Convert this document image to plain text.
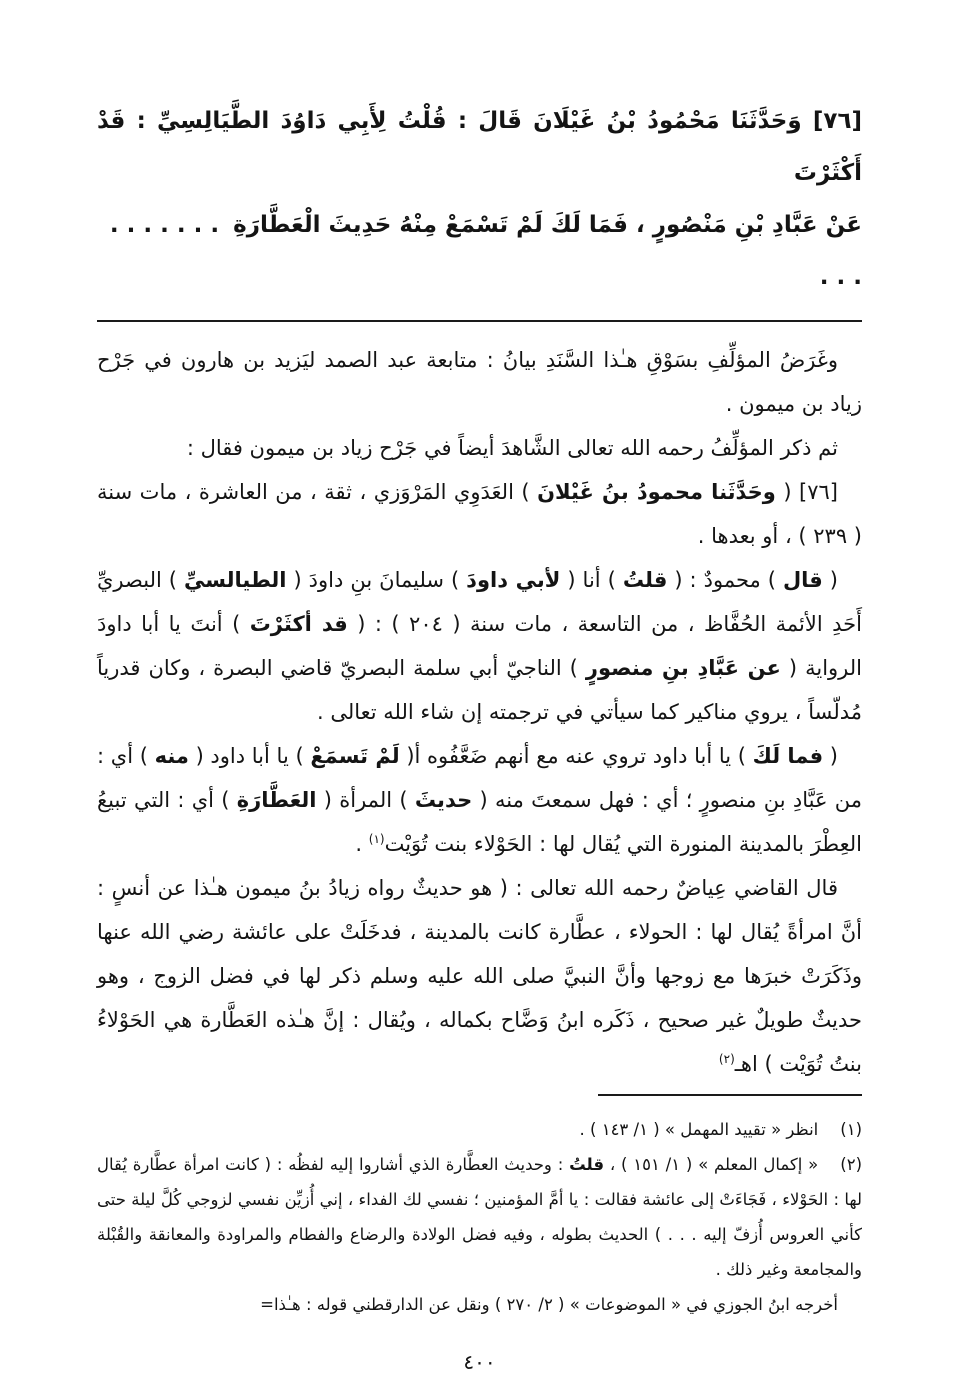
[٧٦] وَحَدَّثَنَا مَحْمُودُ بْنُ غَيْلَانَ قَالَ : قُلْتُ لِأَبِي دَاوُدَ الطَّيَالِسِيِّ : قَدْ أَكْثَرْتَ
عَنْ عَبَّادِ بْنِ مَنْصُورٍ ، فَمَا لَكَ لَمْ تَسْمَعْ مِنْهُ حَدِيثَ الْعَطَّارَةِ. . . . . . . . . .

وغَرَضُ المؤلِّفِ بسَوْقِ هـٰذا السَّنَدِ بيانُ : متابعة عبد الصمد ليَزيد بن هارون في جَرْح زياد بن ميمون .

ثم ذكر المؤلِّفُ رحمه الله تعالى الشَّاهدَ أيضاً في جَرْح زياد بن ميمون فقال :

[٧٦] ( وحَدَّثَنا محمودُ بنُ غَيْلانَ ) العَدَوِي المَرْوَزي ، ثقة ، من العاشرة ، مات سنة ( ٢٣٩ ) ، أو بعدها .

( قال ) محمودٌ : ( قلتُ ) أنا ( لأبي داودَ ) سليمانَ بنِ داودَ ( الطيالسيِّ ) البصريِّ أَحَدِ الأئمة الحُفَّاظ ، من التاسعة ، مات سنة ( ٢٠٤ ) : ( قد أكثَرْتَ ) أنتَ يا أبا داودَ الرواية ( عن عَبَّادِ بنِ منصورٍ ) الناجيّ أبي سلمة البصريّ قاضي البصرة ، وكان قدرياً مُدلّساً ، يروي مناكير كما سيأتي في ترجمته إن شاء الله تعالى .

( فما لَكَ ) يا أبا داود تروي عنه مع أنهم ضَعَّفُوه أ( لَمْ تَسمَعْ ) يا أبا داود ( منه ) أي : من عَبَّادِ بنِ منصورٍ ؛ أي : فهل سمعتَ منه ( حديثَ ) المرأة ( العَطَّارَةِ ) أي : التي تبيعُ العِطْرَ بالمدينة المنورة التي يُقال لها : الحَوْلاء بنت تُوَيْت$^{(١)}$ .

قال القاضي عِياضٌ رحمه الله تعالى : ( هو حديثٌ رواه زيادُ بنُ ميمون هـٰذا عن أنسٍ : أنَّ امرأةً يُقال لها : الحولاء ، عطَّارة كانت بالمدينة ، فدخَلَتْ على عائشة رضي الله عنها وذَكَرَتْ خبرَها مع زوجها وأنَّ النبيَّ صلى الله عليه وسلم ذكر لها في فضل الزوج ، وهو حديثٌ طويلٌ غير صحيح ، ذَكَره ابنُ وَضَّاح بكماله ، ويُقال : إنَّ هـٰذه العَطَّارة هي الحَوْلاءُ بنتُ تُوَيْت ) اهـ$^{(٢)}$

(١)انظر « تقييد المهمل » ( ١/ ١٤٣ ) .
(٢)« إكمال المعلم » ( ١/ ١٥١ ) ، قلتُ : وحديث العطَّارة الذي أشاروا إليه لفظُه : ( كانت امرأة عطَّارة يُقال لها : الحَوْلاء ، فَجَاءَتْ إلى عائشة فقالت : يا أمَّ المؤمنين ؛ نفسي لك الفداء ، إني أُزيِّن نفسي لزوجي كُلَّ ليلة حتى كأني العروس أُزفّ إليه . . . ) الحديث بطوله ، وفيه فضل الولادة والرضاع والفطام والمراودة والمعانقة والقُبْلة والمجامعة وغير ذلك .

أخرجه ابنُ الجوزي في « الموضوعات » ( ٢/ ٢٧٠ ) ونقل عن الدارقطني قوله : هـٰذا=

٤٠٠
